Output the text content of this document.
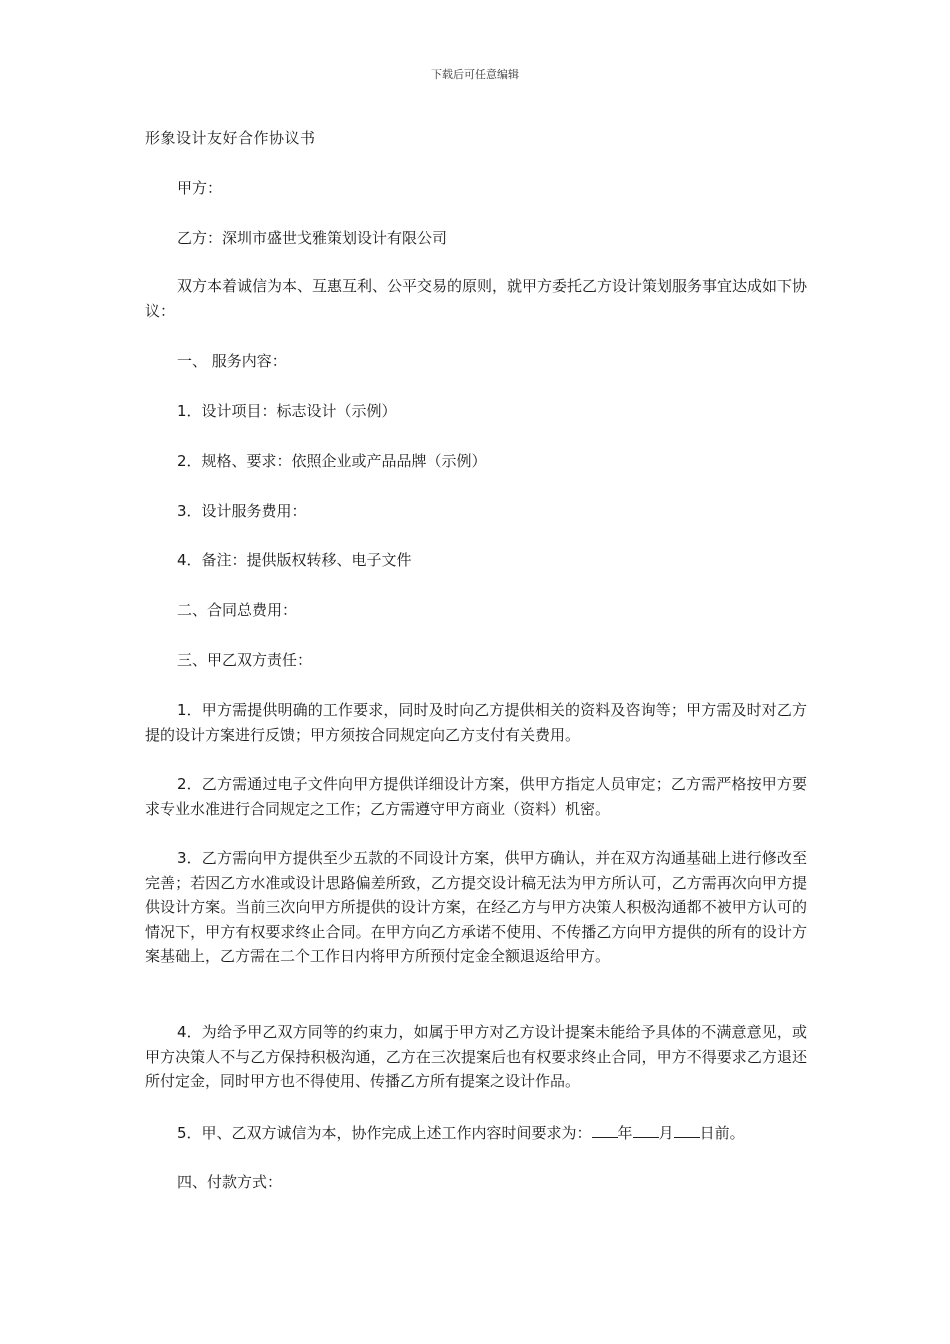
下载后可任意编辑
形象设计友好合作协议书

甲方：

乙方：深圳市盛世戈雅策划设计有限公司

双方本着诚信为本、互惠互利、公平交易的原则，就甲方委托乙方设计策划服务事宜达成如下协议：

一、 服务内容：

1．设计项目：标志设计（示例）

2．规格、要求：依照企业或产品品牌（示例）

3．设计服务费用：

4．备注：提供版权转移、电子文件

二、合同总费用：

三、甲乙双方责任：

1．甲方需提供明确的工作要求，同时及时向乙方提供相关的资料及咨询等；甲方需及时对乙方提的设计方案进行反馈；甲方须按合同规定向乙方支付有关费用。

2．乙方需通过电子文件向甲方提供详细设计方案，供甲方指定人员审定；乙方需严格按甲方要求专业水准进行合同规定之工作；乙方需遵守甲方商业（资料）机密。

3．乙方需向甲方提供至少五款的不同设计方案，供甲方确认，并在双方沟通基础上进行修改至完善；若因乙方水准或设计思路偏差所致，乙方提交设计稿无法为甲方所认可，乙方需再次向甲方提供设计方案。当前三次向甲方所提供的设计方案，在经乙方与甲方决策人积极沟通都不被甲方认可的情况下，甲方有权要求终止合同。在甲方向乙方承诺不使用、不传播乙方向甲方提供的所有的设计方案基础上，乙方需在二个工作日内将甲方所预付定金全额退返给甲方。

4．为给予甲乙双方同等的约束力，如属于甲方对乙方设计提案未能给予具体的不满意意见，或甲方决策人不与乙方保持积极沟通，乙方在三次提案后也有权要求终止合同，甲方不得要求乙方退还所付定金，同时甲方也不得使用、传播乙方所有提案之设计作品。

5．甲、乙双方诚信为本，协作完成上述工作内容时间要求为： 年 月 日前。

四、付款方式：
